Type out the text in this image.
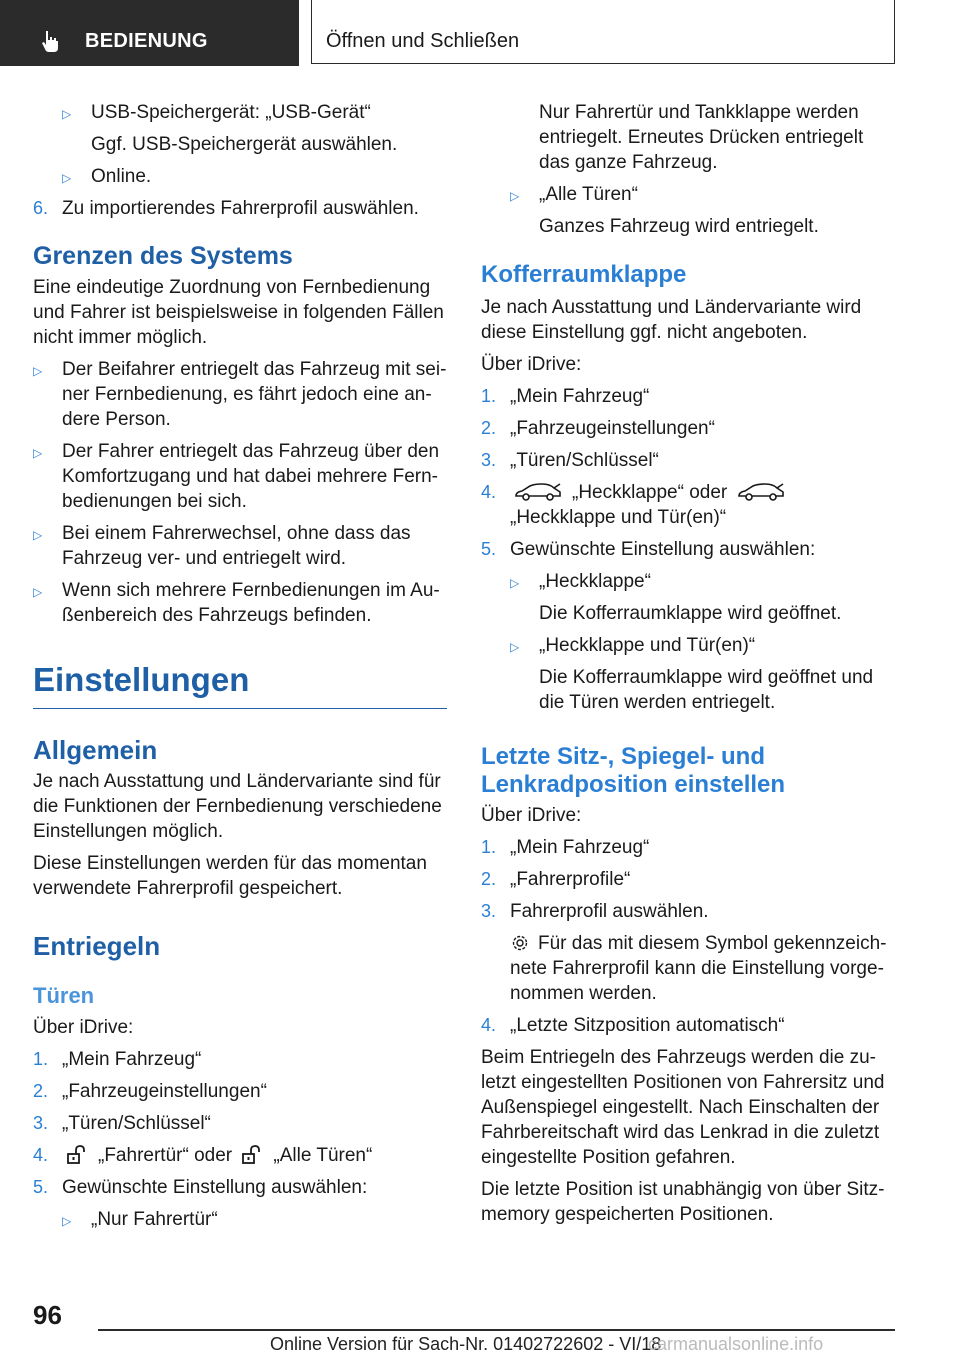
BEDIENUNG	Öffnen und Schließen
▷ USB-Speichergerät: „USB-Gerät“
Ggf. USB-Speichergerät auswählen.
▷ Online.
6. Zu importierendes Fahrerprofil auswählen.
Grenzen des Systems

Eine eindeutige Zuordnung von Fernbedienung und Fahrer ist beispielsweise in folgenden Fällen nicht immer möglich.

▷ Der Beifahrer entriegelt das Fahrzeug mit seiner Fernbedienung, es fährt jedoch eine andere Person.
▷ Der Fahrer entriegelt das Fahrzeug über den Komfortzugang und hat dabei mehrere Fernbedienungen bei sich.
▷ Bei einem Fahrerwechsel, ohne dass das Fahrzeug ver- und entriegelt wird.
▷ Wenn sich mehrere Fernbedienungen im Außenbereich des Fahrzeugs befinden.
Einstellungen
Allgemein

Je nach Ausstattung und Ländervariante sind für die Funktionen der Fernbedienung verschiedene Einstellungen möglich.

Diese Einstellungen werden für das momentan verwendete Fahrerprofil gespeichert.

Entriegeln
Türen

Über iDrive:

1. „Mein Fahrzeug“
2. „Fahrzeugeinstellungen“
3. „Türen/Schlüssel“
4.	„Fahrertür“ oder „Alle Türen“
5. Gewünschte Einstellung auswählen:
▷ „Nur Fahrertür“

Nur Fahrertür und Tankklappe werden entriegelt. Erneutes Drücken entriegelt das ganze Fahrzeug.

▷ „Alle Türen“

Ganzes Fahrzeug wird entriegelt.

Kofferraumklappe

Je nach Ausstattung und Ländervariante wird diese Einstellung ggf. nicht angeboten.

Über iDrive:

1. „Mein Fahrzeug“
2. „Fahrzeugeinstellungen“
3. „Türen/Schlüssel“
4.	„Heckklappe“ oder
„Heckklappe und Tür(en)“
5. Gewünschte Einstellung auswählen:
▷ „Heckklappe“

Die Kofferraumklappe wird geöffnet.

▷ „Heckklappe und Tür(en)“

Die Kofferraumklappe wird geöffnet und die Türen werden entriegelt.

Letzte Sitz-, Spiegel- und Lenkradposition einstellen

Über iDrive:

1. „Mein Fahrzeug“
2. „Fahrerprofile“
3. Fahrerprofil auswählen.

Für das mit diesem Symbol gekennzeichnete Fahrerprofil kann die Einstellung vorgenommen werden.

4. „Letzte Sitzposition automatisch“

Beim Entriegeln des Fahrzeugs werden die zuletzt eingestellten Positionen von Fahrersitz und Außenspiegel eingestellt. Nach Einschalten der Fahrbereitschaft wird das Lenkrad in die zuletzt eingestellte Position gefahren.

Die letzte Position ist unabhängig von über Sitzmemory gespeicherten Positionen.

96
Online Version für Sach-Nr. 01402722602 - VI/18
carmanualsonline.info
